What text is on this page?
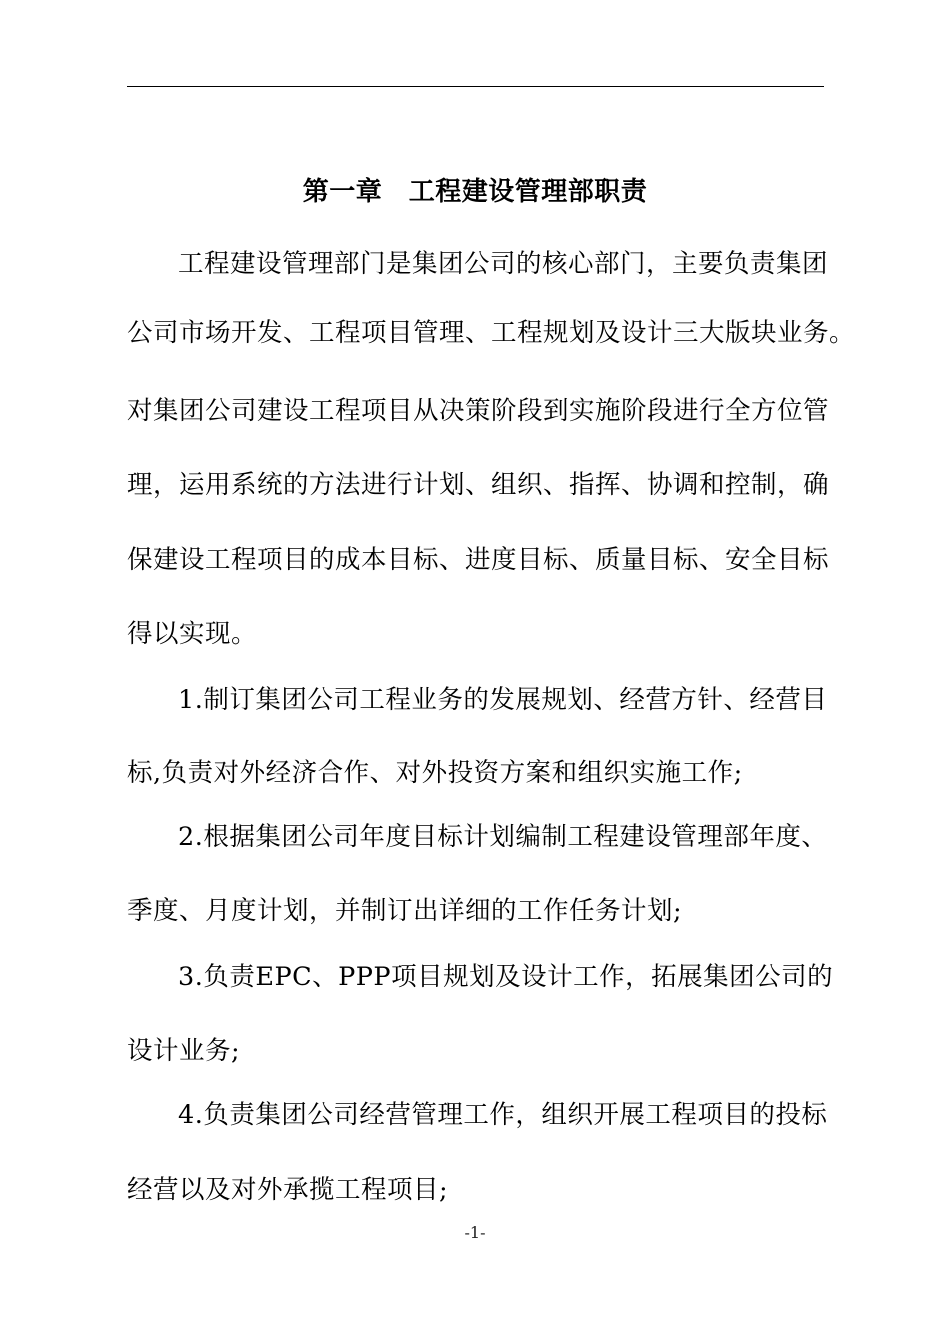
第一章　工程建设管理部职责
工程建设管理部门是集团公司的核心部门，主要负责集团
公司市场开发、工程项目管理、工程规划及设计三大版块业务。
对集团公司建设工程项目从决策阶段到实施阶段进行全方位管
理，运用系统的方法进行计划、组织、指挥、协调和控制，确
保建设工程项目的成本目标、进度目标、质量目标、安全目标
得以实现。
1.制订集团公司工程业务的发展规划、经营方针、经营目
标,负责对外经济合作、对外投资方案和组织实施工作;
2.根据集团公司年度目标计划编制工程建设管理部年度、
季度、月度计划，并制订出详细的工作任务计划;
3.负责EPC、PPP项目规划及设计工作，拓展集团公司的
设计业务;
4.负责集团公司经营管理工作，组织开展工程项目的投标
经营以及对外承揽工程项目;
-1-
